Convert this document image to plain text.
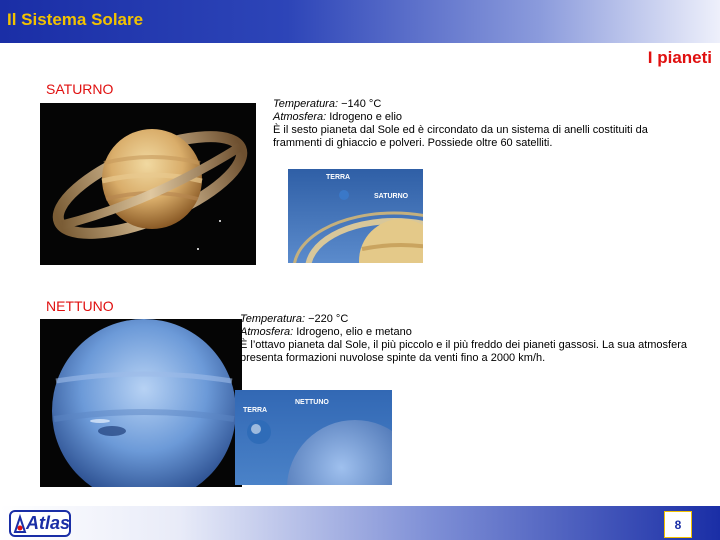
Il Sistema Solare
I pianeti
SATURNO
Temperatura: −140 °C
Atmosfera: Idrogeno e elio
È il sesto pianeta dal Sole ed è circondato da un sistema di anelli costituiti da frammenti di ghiaccio e polveri. Possiede oltre 60 satelliti.
TERRA
SATURNO
NETTUNO
Temperatura: −220 °C
Atmosfera: Idrogeno, elio e metano
È l’ottavo pianeta dal Sole, il più piccolo e il più freddo dei pianeti gassosi. La sua atmosfera presenta formazioni nuvolose spinte da venti fino a 2000 km/h.
TERRA
NETTUNO
Atlas	8
